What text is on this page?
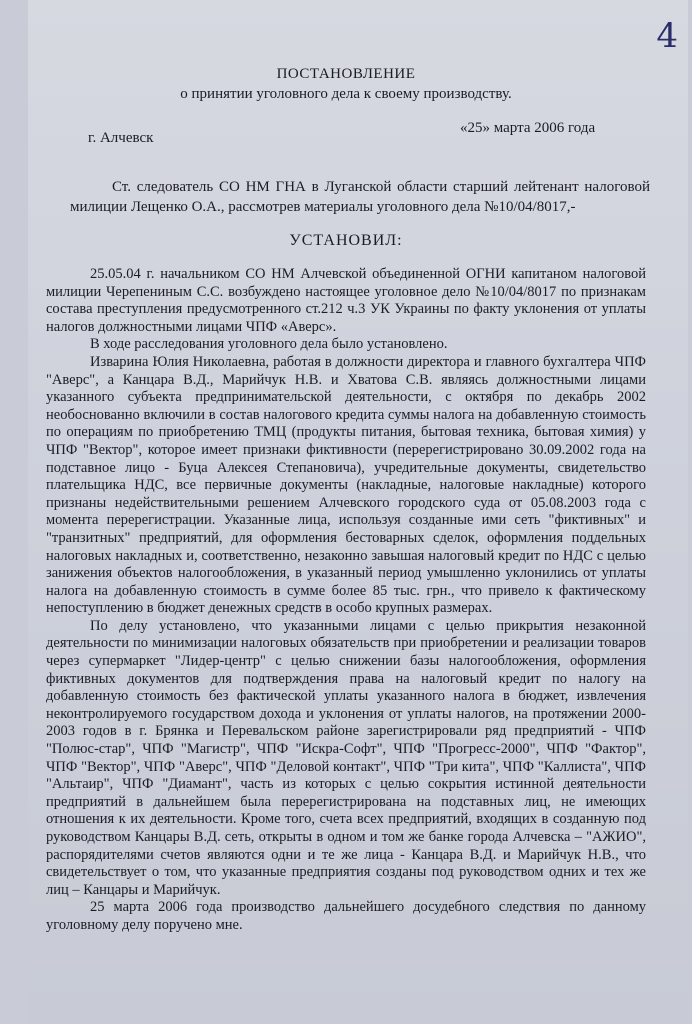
4
ПОСТАНОВЛЕНИЕ
о принятии уголовного дела к своему производству.
г. Алчевск
«25» марта 2006 года
Ст. следователь СО НМ ГНА в Луганской области старший лейтенант налоговой милиции Лещенко О.А., рассмотрев материалы уголовного дела №10/04/8017,-
УСТАНОВИЛ:

25.05.04 г. начальником СО НМ Алчевской объединенной ОГНИ капитаном налоговой милиции Черепениным С.С. возбуждено настоящее уголовное дело №10/04/8017 по признакам состава преступления предусмотренного ст.212 ч.3 УК Украины по факту уклонения от уплаты налогов должностными лицами ЧПФ «Аверс».

В ходе расследования уголовного дела было установлено.

Изварина Юлия Николаевна, работая в должности директора и главного бухгалтера ЧПФ "Аверс", а Канцара В.Д., Марийчук Н.В. и Хватова С.В. являясь должностными лицами указанного субъекта предпринимательской деятельности, с октября по декабрь 2002 необоснованно включили в состав налогового кредита суммы налога на добавленную стоимость по операциям по приобретению ТМЦ (продукты питания, бытовая техника, бытовая химия) у ЧПФ "Вектор", которое имеет признаки фиктивности (перерегистрировано 30.09.2002 года на подставное лицо - Буца Алексея Степановича), учредительные документы, свидетельство плательщика НДС, все первичные документы (накладные, налоговые накладные) которого признаны недействительными решением Алчевского городского суда от 05.08.2003 года с момента перерегистрации. Указанные лица, используя созданные ими сеть "фиктивных" и "транзитных" предприятий, для оформления бестоварных сделок, оформления поддельных налоговых накладных и, соответственно, незаконно завышая налоговый кредит по НДС с целью занижения объектов налогообложения, в указанный период умышленно уклонились от уплаты налога на добавленную стоимость в сумме более 85 тыс. грн., что привело к фактическому непоступлению в бюджет денежных средств в особо крупных размерах.

По делу установлено, что указанными лицами с целью прикрытия незаконной деятельности по минимизации налоговых обязательств при приобретении и реализации товаров через супермаркет "Лидер-центр" с целью снижении базы налогообложения, оформления фиктивных документов для подтверждения права на налоговый кредит по налогу на добавленную стоимость без фактической уплаты указанного налога в бюджет, извлечения неконтролируемого государством дохода и уклонения от уплаты налогов, на протяжении 2000-2003 годов в г. Брянка и Перевальском районе зарегистрировали ряд предприятий - ЧПФ "Полюс-стар", ЧПФ "Магистр", ЧПФ "Искра-Софт", ЧПФ "Прогресс-2000", ЧПФ "Фактор", ЧПФ "Вектор", ЧПФ "Аверс", ЧПФ "Деловой контакт", ЧПФ "Три кита", ЧПФ "Каллиста", ЧПФ "Альтаир", ЧПФ "Диамант", часть из которых с целью сокрытия истинной деятельности предприятий в дальнейшем была перерегистрирована на подставных лиц, не имеющих отношения к их деятельности. Кроме того, счета всех предприятий, входящих в созданную под руководством Канцары В.Д. сеть, открыты в одном и том же банке города Алчевска – "АЖИО", распорядителями счетов являются одни и те же лица - Канцара В.Д. и Марийчук Н.В., что свидетельствует о том, что указанные предприятия созданы под руководством одних и тех же лиц – Канцары и Марийчук.

25 марта 2006 года производство дальнейшего досудебного следствия по данному уголовному делу поручено мне.
